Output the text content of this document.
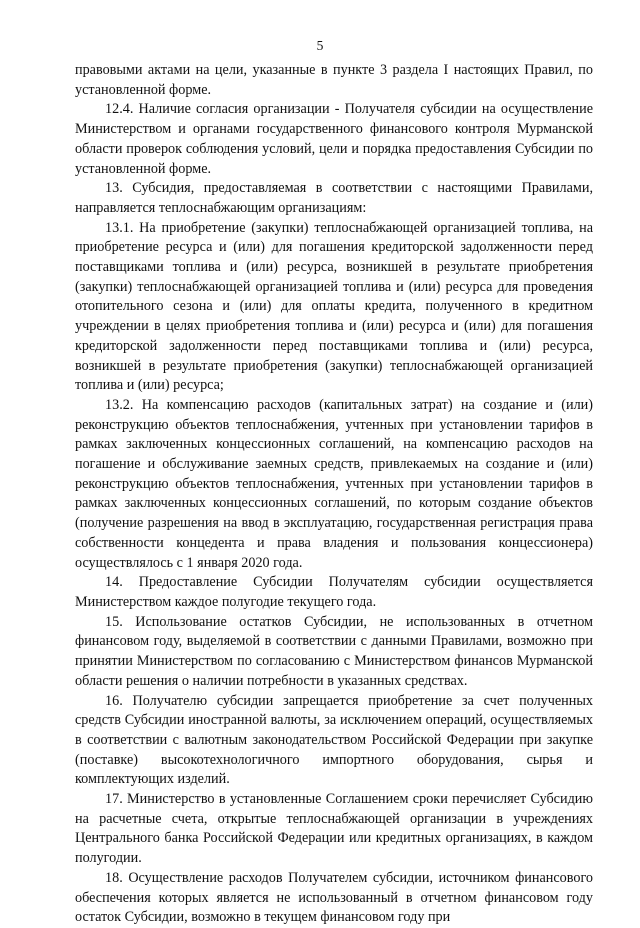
5

правовыми актами на цели, указанные в пункте 3 раздела I настоящих Правил, по установленной форме.

12.4. Наличие согласия организации - Получателя субсидии на осуществление Министерством и органами государственного финансового контроля Мурманской области проверок соблюдения условий, цели и порядка предоставления Субсидии по установленной форме.

13. Субсидия, предоставляемая в соответствии с настоящими Правилами, направляется теплоснабжающим организациям:

13.1. На приобретение (закупки) теплоснабжающей организацией топлива, на приобретение ресурса и (или) для погашения кредиторской задолженности перед поставщиками топлива и (или) ресурса, возникшей в результате приобретения (закупки) теплоснабжающей организацией топлива и (или) ресурса для проведения отопительного сезона и (или) для оплаты кредита, полученного в кредитном учреждении в целях приобретения топлива и (или) ресурса и (или) для погашения кредиторской задолженности перед поставщиками топлива и (или) ресурса, возникшей в результате приобретения (закупки) теплоснабжающей организацией топлива и (или) ресурса;

13.2. На компенсацию расходов (капитальных затрат) на создание и (или) реконструкцию объектов теплоснабжения, учтенных при установлении тарифов в рамках заключенных концессионных соглашений, на компенсацию расходов на погашение и обслуживание заемных средств, привлекаемых на создание и (или) реконструкцию объектов теплоснабжения, учтенных при установлении тарифов в рамках заключенных концессионных соглашений, по которым создание объектов (получение разрешения на ввод в эксплуатацию, государственная регистрация права собственности концедента и права владения и пользования концессионера) осуществлялось с 1 января 2020 года.

14. Предоставление Субсидии Получателям субсидии осуществляется Министерством каждое полугодие текущего года.

15. Использование остатков Субсидии, не использованных в отчетном финансовом году, выделяемой в соответствии с данными Правилами, возможно при принятии Министерством по согласованию с Министерством финансов Мурманской области решения о наличии потребности в указанных средствах.

16. Получателю субсидии запрещается приобретение за счет полученных средств Субсидии иностранной валюты, за исключением операций, осуществляемых в соответствии с валютным законодательством Российской Федерации при закупке (поставке) высокотехнологичного импортного оборудования, сырья и комплектующих изделий.

17. Министерство в установленные Соглашением сроки перечисляет Субсидию на расчетные счета, открытые теплоснабжающей организации в учреждениях Центрального банка Российской Федерации или кредитных организациях, в каждом полугодии.

18. Осуществление расходов Получателем субсидии, источником финансового обеспечения которых является не использованный в отчетном финансовом году остаток Субсидии, возможно в текущем финансовом году при
